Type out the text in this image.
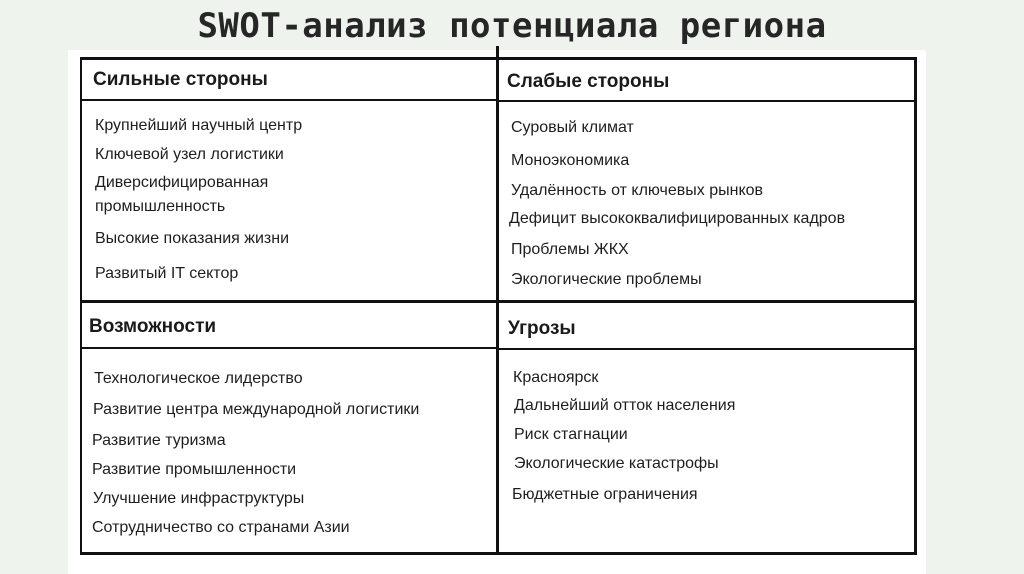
SWOT-анализ потенциала региона
Сильные стороны
Крупнейший научный центр
Ключевой узел логистики
Диверсифицированная промышленность
Высокие показания жизни
Развитый IT сектор
Слабые стороны
Суровый климат
Моноэкономика
Удалённость от ключевых рынков
Дефицит высококвалифицированных кадров
Проблемы ЖКХ
Экологические проблемы
Возможности
Технологическое лидерство
Развитие центра международной логистики
Развитие туризма
Развитие промышленности
Улучшение инфраструктуры
Сотрудничество со странами Азии
Угрозы
Красноярск
Дальнейший отток населения
Риск стагнации
Экологические катастрофы
Бюджетные ограничения
